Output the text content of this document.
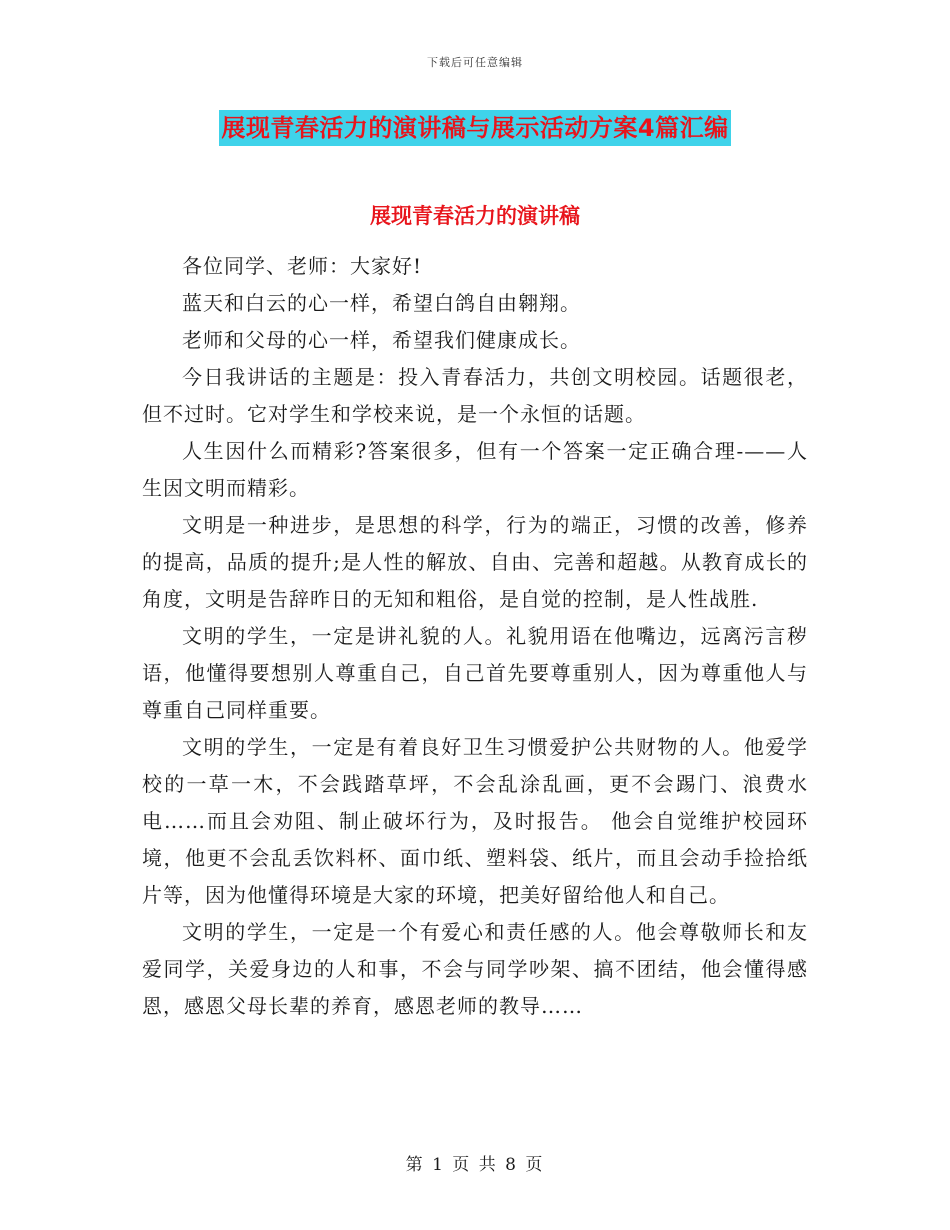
下载后可任意编辑
展现青春活力的演讲稿与展示活动方案4篇汇编
展现青春活力的演讲稿

各位同学、老师：大家好!

蓝天和白云的心一样，希望白鸽自由翱翔。

老师和父母的心一样，希望我们健康成长。

今日我讲话的主题是：投入青春活力，共创文明校园。话题很老，但不过时。它对学生和学校来说，是一个永恒的话题。

人生因什么而精彩?答案很多，但有一个答案一定正确合理-——人生因文明而精彩。

文明是一种进步，是思想的科学，行为的端正，习惯的改善，修养的提高，品质的提升;是人性的解放、自由、完善和超越。从教育成长的角度，文明是告辞昨日的无知和粗俗，是自觉的控制，是人性战胜.

文明的学生，一定是讲礼貌的人。礼貌用语在他嘴边，远离污言秽语，他懂得要想别人尊重自己，自己首先要尊重别人，因为尊重他人与尊重自己同样重要。

文明的学生，一定是有着良好卫生习惯爱护公共财物的人。他爱学校的一草一木，不会践踏草坪，不会乱涂乱画，更不会踢门、浪费水电……而且会劝阻、制止破坏行为，及时报告。 他会自觉维护校园环境，他更不会乱丢饮料杯、面巾纸、塑料袋、纸片，而且会动手捡拾纸片等，因为他懂得环境是大家的环境，把美好留给他人和自己。

文明的学生，一定是一个有爱心和责任感的人。他会尊敬师长和友爱同学，关爱身边的人和事，不会与同学吵架、搞不团结，他会懂得感恩，感恩父母长辈的养育，感恩老师的教导……

第 1 页 共 8 页
